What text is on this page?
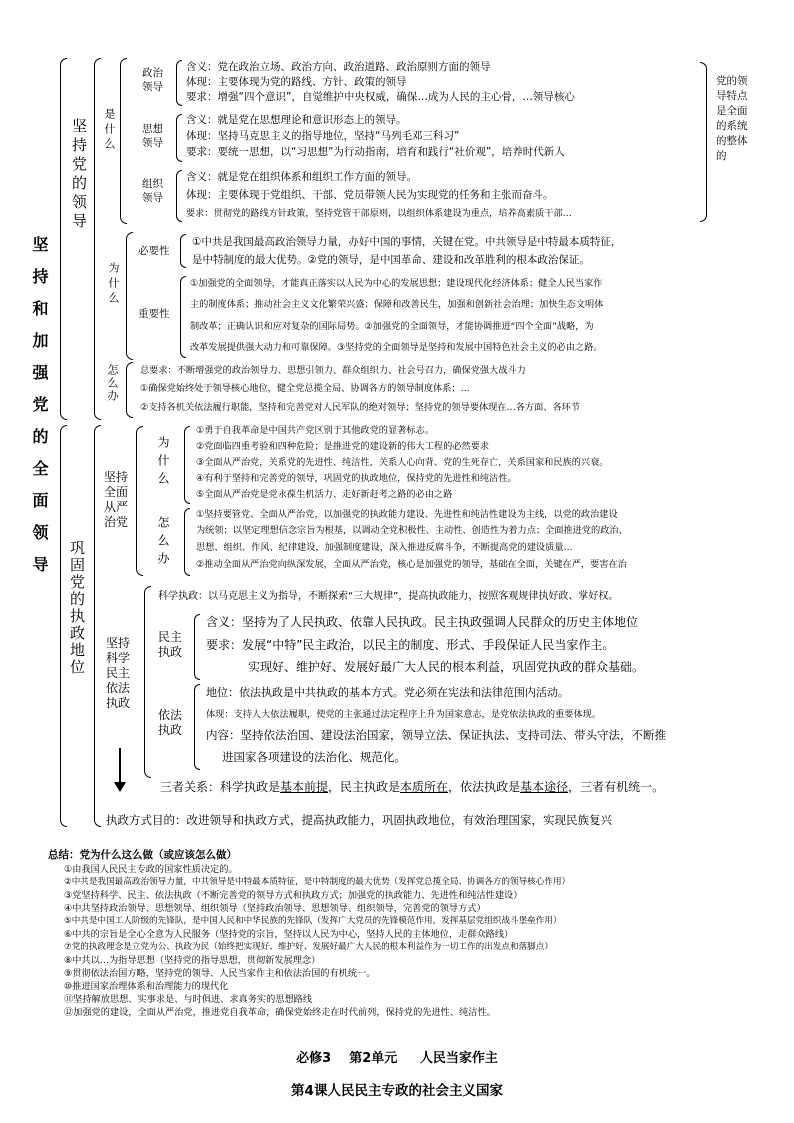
坚持和加强党的全面领导
坚持党的领导 是什么
政治领导
含义：党在政治立场、政治方向、政治道路、政治原则方面的领导
体现：主要体现为党的路线、方针、政策的领导
要求：增强“四个意识”，自觉维护中央权威，确保…成为人民的主心骨，…领导核心
思想领导
含义：就是党在思想理论和意识形态上的领导。
体现：坚持马克思主义的指导地位，坚持“马列毛邓三科习”
要求：要统一思想，以“习思想”为行动指南，培育和践行“社价观”，培养时代新人
组织领导
含义：就是党在组织体系和组织工作方面的领导。
体现：主要体现于党组织、干部、党员带领人民为实现党的任务和主张而奋斗。
要求：贯彻党的路线方针政策，坚持党管干部原则，以组织体系建设为重点，培养高素质干部…
党的领导特点是全面的系统的整体的
为什么
必要性
①中共是我国最高政治领导力量，办好中国的事情，关键在党。中共领导是中特最本质特征，
是中特制度的最大优势。②党的领导，是中国革命、建设和改革胜利的根本政治保证。
重要性
①加强党的全面领导，才能真正落实以人民为中心的发展思想；建设现代化经济体系；健全人民当家作
主的制度体系；推动社会主义文化繁荣兴盛；保障和改善民生，加强和创新社会治理；加快生态文明体
制改革；正确认识和应对复杂的国际局势。②加强党的全面领导，才能协调推进“四个全面”战略，为
改革发展提供强大动力和可靠保障。③坚持党的全面领导是坚持和发展中国特色社会主义的必由之路。
怎么办 总要求：不断增强党的政治领导力、思想引领力、群众组织力、社会号召力，确保党强大战斗力
①确保党始终处于领导核心地位，健全党总揽全局、协调各方的领导制度体系；…
②支持各机关依法履行职能，坚持和完善党对人民军队的绝对领导；坚持党的领导要体现在…各方面、各环节
巩固党的执政地位
坚持全面从严治党
为什么
①勇于自我革命是中国共产党区别于其他政党的显著标志。
②党面临四重考验和四种危险；是推进党的建设新的伟大工程的必然要求
③全面从严治党，关系党的先进性、纯洁性，关系人心向背、党的生死存亡，关系国家和民族的兴衰。
④有利于坚持和完善党的领导，巩固党的执政地位，保持党的先进性和纯洁性。
⑤全面从严治党是党永葆生机活力、走好新赶考之路的必由之路
怎么办
①坚持要管党、全面从严治党，以加强党的执政能力建设、先进性和纯洁性建设为主线，以党的政治建设
为统领；以坚定理想信念宗旨为根基，以调动全党积极性、主动性、创造性为着力点；全面推进党的政治、
思想、组织、作风、纪律建设，加强制度建设，深入推进反腐斗争，不断提高党的建设质量…
②推动全面从严治党向纵深发展，全面从严治党，核心是加强党的领导，基础在全面，关键在严，要害在治
坚持科学民主依法执政
科学执政：以马克思主义为指导，不断探索“三大规律”，提高执政能力，按照客观规律执好政、掌好权。
民主执政
含义：坚持为了人民执政、依靠人民执政。民主执政强调人民群众的历史主体地位
要求：发展“中特”民主政治，以民主的制度、形式、手段保证人民当家作主。
实现好、维护好、发展好最广大人民的根本利益，巩固党执政的群众基础。
依法执政
地位：依法执政是中共执政的基本方式。党必须在宪法和法律范围内活动。
体现：支持人大依法履职，使党的主张通过法定程序上升为国家意志，是党依法执政的重要体现。
内容：坚持依法治国、建设法治国家，领导立法、保证执法、支持司法、带头守法，不断推
进国家各项建设的法治化、规范化。
三者关系：科学执政是基本前提，民主执政是本质所在，依法执政是基本途径，三者有机统一。
执政方式目的：改进领导和执政方式，提高执政能力，巩固执政地位，有效治理国家，实现民族复兴
总结：党为什么这么做（或应该怎么做）
①由我国人民民主专政的国家性质决定的。
②中共是我国最高政治领导力量，中共领导是中特最本质特征，是中特制度的最大优势（发挥党总揽全局、协调各方的领导核心作用）
③党坚持科学、民主、依法执政（不断完善党的领导方式和执政方式；加强党的执政能力、先进性和纯洁性建设）
④中共坚持政治领导、思想领导、组织领导（坚持政治领导、思想领导、组织领导，完善党的领导方式）
⑤中共是中国工人阶级的先锋队，是中国人民和中华民族的先锋队（发挥广大党员的先锋模范作用，发挥基层党组织战斗堡垒作用）
⑥中共的宗旨是全心全意为人民服务（坚持党的宗旨，坚持以人民为中心，坚持人民的主体地位，走群众路线）
⑦党的执政理念是立党为公、执政为民（始终把实现好、维护好、发展好最广大人民的根本利益作为一切工作的出发点和落脚点）
⑧中共以…为指导思想（坚持党的指导思想，贯彻新发展理念）
⑨贯彻依法治国方略，坚持党的领导、人民当家作主和依法治国的有机统一。
⑩推进国家治理体系和治理能力的现代化
⑪坚持解放思想、实事求是、与时俱进、求真务实的思想路线
⑫加强党的建设，全面从严治党，推进党自我革命，确保党始终走在时代前列，保持党的先进性、纯洁性。
必修3    第2单元     人民当家作主
第4课人民民主专政的社会主义国家
